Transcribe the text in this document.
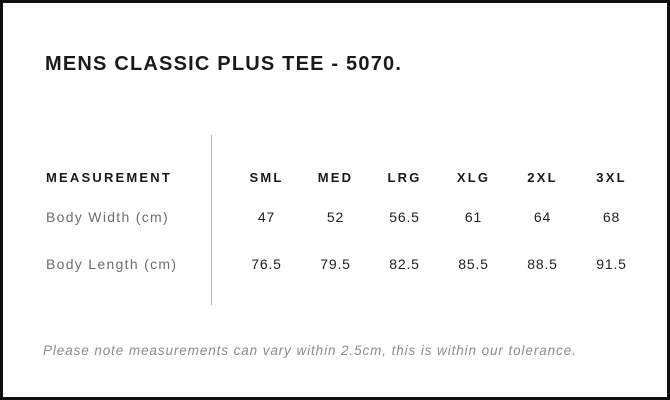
MENS CLASSIC PLUS TEE - 5070.
MEASUREMENT	SML	MED	LRG	XLG	2XL	3XL
Body Width (cm)	47	52	56.5	61	64	68
Body Length (cm)	76.5	79.5	82.5	85.5	88.5	91.5
Please note measurements can vary within 2.5cm, this is within our tolerance.
